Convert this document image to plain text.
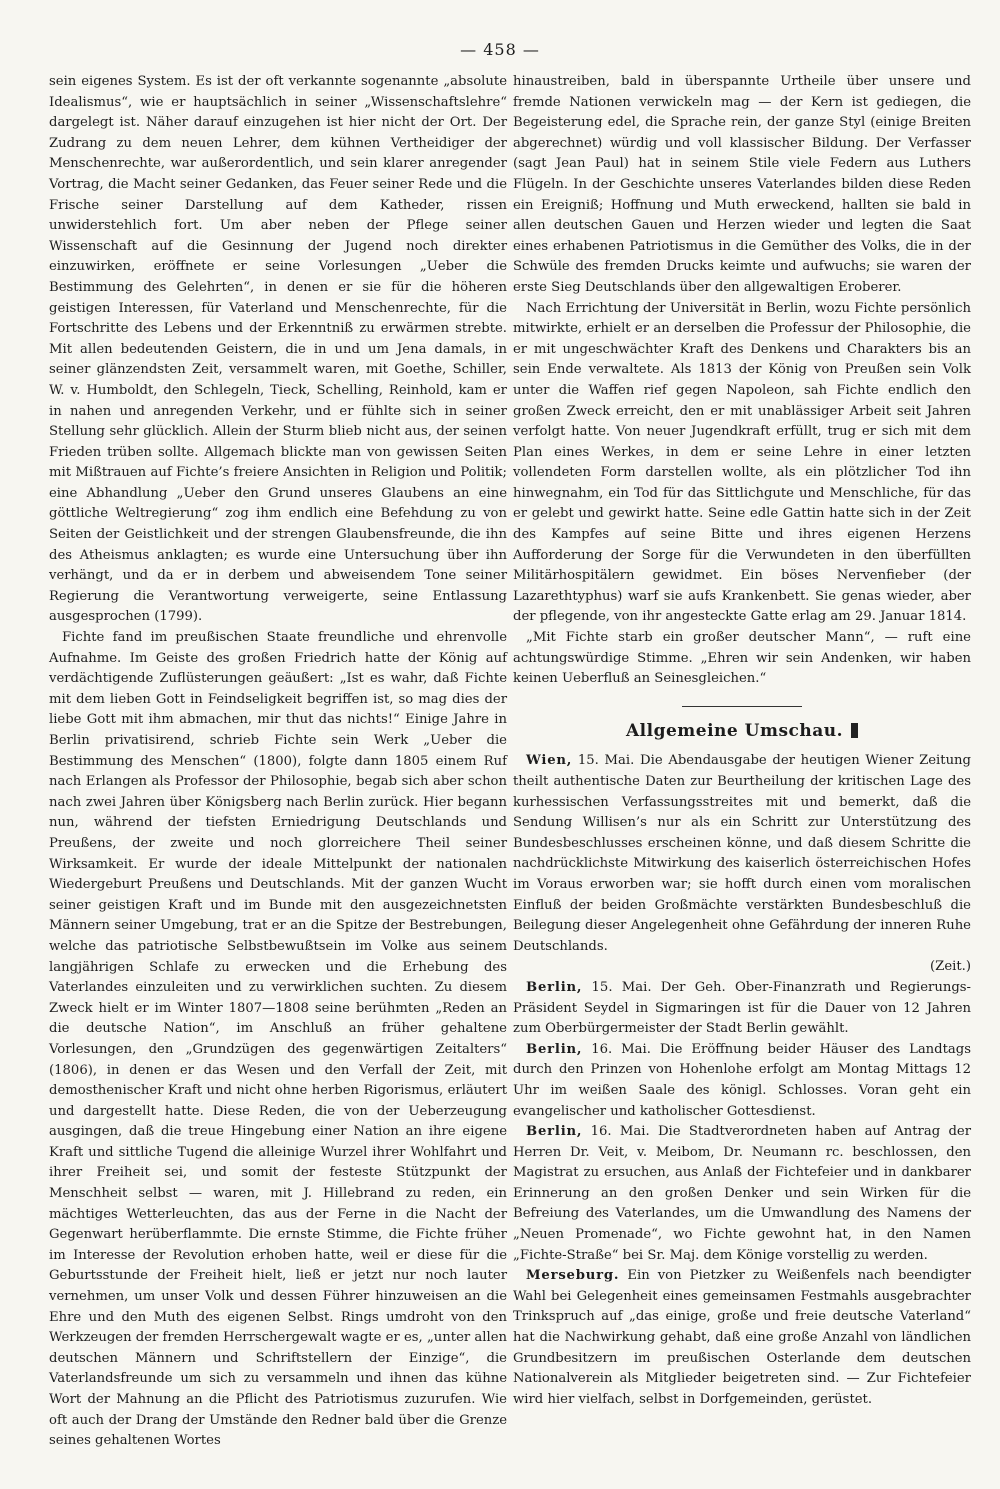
— 458 —

sein eigenes System. Es ist der oft verkannte sogenannte „absolute Idealismus“, wie er hauptsächlich in seiner „Wissenschaftslehre“ dargelegt ist. Näher darauf einzugehen ist hier nicht der Ort. Der Zudrang zu dem neuen Lehrer, dem kühnen Vertheidiger der Menschenrechte, war außerordentlich, und sein klarer anregender Vortrag, die Macht seiner Gedanken, das Feuer seiner Rede und die Frische seiner Darstellung auf dem Katheder, rissen unwiderstehlich fort. Um aber neben der Pflege seiner Wissenschaft auf die Gesinnung der Jugend noch direkter einzuwirken, eröffnete er seine Vorlesungen „Ueber die Bestimmung des Gelehrten“, in denen er sie für die höheren geistigen Interessen, für Vaterland und Menschenrechte, für die Fortschritte des Lebens und der Erkenntniß zu erwärmen strebte. Mit allen bedeutenden Geistern, die in und um Jena damals, in seiner glänzendsten Zeit, versammelt waren, mit Goethe, Schiller, W. v. Humboldt, den Schlegeln, Tieck, Schelling, Reinhold, kam er in nahen und anregenden Verkehr, und er fühlte sich in seiner Stellung sehr glücklich. Allein der Sturm blieb nicht aus, der seinen Frieden trüben sollte. Allgemach blickte man von gewissen Seiten mit Mißtrauen auf Fichte’s freiere Ansichten in Religion und Politik; eine Abhandlung „Ueber den Grund unseres Glaubens an eine göttliche Weltregierung“ zog ihm endlich eine Befehdung zu von Seiten der Geistlichkeit und der strengen Glaubensfreunde, die ihn des Atheismus anklagten; es wurde eine Untersuchung über ihn verhängt, und da er in derbem und abweisendem Tone seiner Regierung die Verantwortung verweigerte, seine Entlassung ausgesprochen (1799).

Fichte fand im preußischen Staate freundliche und ehrenvolle Aufnahme. Im Geiste des großen Friedrich hatte der König auf verdächtigende Zuflüsterungen geäußert: „Ist es wahr, daß Fichte mit dem lieben Gott in Feindseligkeit begriffen ist, so mag dies der liebe Gott mit ihm abmachen, mir thut das nichts!“ Einige Jahre in Berlin privatisirend, schrieb Fichte sein Werk „Ueber die Bestimmung des Menschen“ (1800), folgte dann 1805 einem Ruf nach Erlangen als Professor der Philosophie, begab sich aber schon nach zwei Jahren über Königsberg nach Berlin zurück. Hier begann nun, während der tiefsten Erniedrigung Deutschlands und Preußens, der zweite und noch glorreichere Theil seiner Wirksamkeit. Er wurde der ideale Mittelpunkt der nationalen Wiedergeburt Preußens und Deutschlands. Mit der ganzen Wucht seiner geistigen Kraft und im Bunde mit den ausgezeichnetsten Männern seiner Umgebung, trat er an die Spitze der Bestrebungen, welche das patriotische Selbstbewußtsein im Volke aus seinem langjährigen Schlafe zu erwecken und die Erhebung des Vaterlandes einzuleiten und zu verwirklichen suchten. Zu diesem Zweck hielt er im Winter 1807—1808 seine berühmten „Reden an die deutsche Nation“, im Anschluß an früher gehaltene Vorlesungen, den „Grundzügen des gegenwärtigen Zeitalters“ (1806), in denen er das Wesen und den Verfall der Zeit, mit demosthenischer Kraft und nicht ohne herben Rigorismus, erläutert und dargestellt hatte. Diese Reden, die von der Ueberzeugung ausgingen, daß die treue Hingebung einer Nation an ihre eigene Kraft und sittliche Tugend die alleinige Wurzel ihrer Wohlfahrt und ihrer Freiheit sei, und somit der festeste Stützpunkt der Menschheit selbst — waren, mit J. Hillebrand zu reden, ein mächtiges Wetterleuchten, das aus der Ferne in die Nacht der Gegenwart herüberflammte. Die ernste Stimme, die Fichte früher im Interesse der Revolution erhoben hatte, weil er diese für die Geburtsstunde der Freiheit hielt, ließ er jetzt nur noch lauter vernehmen, um unser Volk und dessen Führer hinzuweisen an die Ehre und den Muth des eigenen Selbst. Rings umdroht von den Werkzeugen der fremden Herrschergewalt wagte er es, „unter allen deutschen Männern und Schriftstellern der Einzige“, die Vaterlandsfreunde um sich zu versammeln und ihnen das kühne Wort der Mahnung an die Pflicht des Patriotismus zuzurufen. Wie oft auch der Drang der Umstände den Redner bald über die Grenze seines gehaltenen Wortes

hinaustreiben, bald in überspannte Urtheile über unsere und fremde Nationen verwickeln mag — der Kern ist gediegen, die Begeisterung edel, die Sprache rein, der ganze Styl (einige Breiten abgerechnet) würdig und voll klassischer Bildung. Der Verfasser (sagt Jean Paul) hat in seinem Stile viele Federn aus Luthers Flügeln. In der Geschichte unseres Vaterlandes bilden diese Reden ein Ereigniß; Hoffnung und Muth erweckend, hallten sie bald in allen deutschen Gauen und Herzen wieder und legten die Saat eines erhabenen Patriotismus in die Gemüther des Volks, die in der Schwüle des fremden Drucks keimte und aufwuchs; sie waren der erste Sieg Deutschlands über den allgewaltigen Eroberer.

Nach Errichtung der Universität in Berlin, wozu Fichte persönlich mitwirkte, erhielt er an derselben die Professur der Philosophie, die er mit ungeschwächter Kraft des Denkens und Charakters bis an sein Ende verwaltete. Als 1813 der König von Preußen sein Volk unter die Waffen rief gegen Napoleon, sah Fichte endlich den großen Zweck erreicht, den er mit unablässiger Arbeit seit Jahren verfolgt hatte. Von neuer Jugendkraft erfüllt, trug er sich mit dem Plan eines Werkes, in dem er seine Lehre in einer letzten vollendeten Form darstellen wollte, als ein plötzlicher Tod ihn hinwegnahm, ein Tod für das Sittlichgute und Menschliche, für das er gelebt und gewirkt hatte. Seine edle Gattin hatte sich in der Zeit des Kampfes auf seine Bitte und ihres eigenen Herzens Aufforderung der Sorge für die Verwundeten in den überfüllten Militärhospitälern gewidmet. Ein böses Nervenfieber (der Lazarethtyphus) warf sie aufs Krankenbett. Sie genas wieder, aber der pflegende, von ihr angesteckte Gatte erlag am 29. Januar 1814.

„Mit Fichte starb ein großer deutscher Mann“, — ruft eine achtungswürdige Stimme. „Ehren wir sein Andenken, wir haben keinen Ueberfluß an Seinesgleichen.“

Allgemeine Umschau.

Wien, 15. Mai. Die Abendausgabe der heutigen Wiener Zeitung theilt authentische Daten zur Beurtheilung der kritischen Lage des kurhessischen Verfassungsstreites mit und bemerkt, daß die Sendung Willisen’s nur als ein Schritt zur Unterstützung des Bundesbeschlusses erscheinen könne, und daß diesem Schritte die nachdrücklichste Mitwirkung des kaiserlich österreichischen Hofes im Voraus erworben war; sie hofft durch einen vom moralischen Einfluß der beiden Großmächte verstärkten Bundesbeschluß die Beilegung dieser Angelegenheit ohne Gefährdung der inneren Ruhe Deutschlands.

(Zeit.)

Berlin, 15. Mai. Der Geh. Ober-Finanzrath und Regierungs-Präsident Seydel in Sigmaringen ist für die Dauer von 12 Jahren zum Oberbürgermeister der Stadt Berlin gewählt.

Berlin, 16. Mai. Die Eröffnung beider Häuser des Landtags durch den Prinzen von Hohenlohe erfolgt am Montag Mittags 12 Uhr im weißen Saale des königl. Schlosses. Voran geht ein evangelischer und katholischer Gottesdienst.

Berlin, 16. Mai. Die Stadtverordneten haben auf Antrag der Herren Dr. Veit, v. Meibom, Dr. Neumann rc. beschlossen, den Magistrat zu ersuchen, aus Anlaß der Fichtefeier und in dankbarer Erinnerung an den großen Denker und sein Wirken für die Befreiung des Vaterlandes, um die Umwandlung des Namens der „Neuen Promenade“, wo Fichte gewohnt hat, in den Namen „Fichte-Straße“ bei Sr. Maj. dem Könige vorstellig zu werden.

Merseburg. Ein von Pietzker zu Weißenfels nach beendigter Wahl bei Gelegenheit eines gemeinsamen Festmahls ausgebrachter Trinkspruch auf „das einige, große und freie deutsche Vaterland“ hat die Nachwirkung gehabt, daß eine große Anzahl von ländlichen Grundbesitzern im preußischen Osterlande dem deutschen Nationalverein als Mitglieder beigetreten sind. — Zur Fichtefeier wird hier vielfach, selbst in Dorfgemeinden, gerüstet.
